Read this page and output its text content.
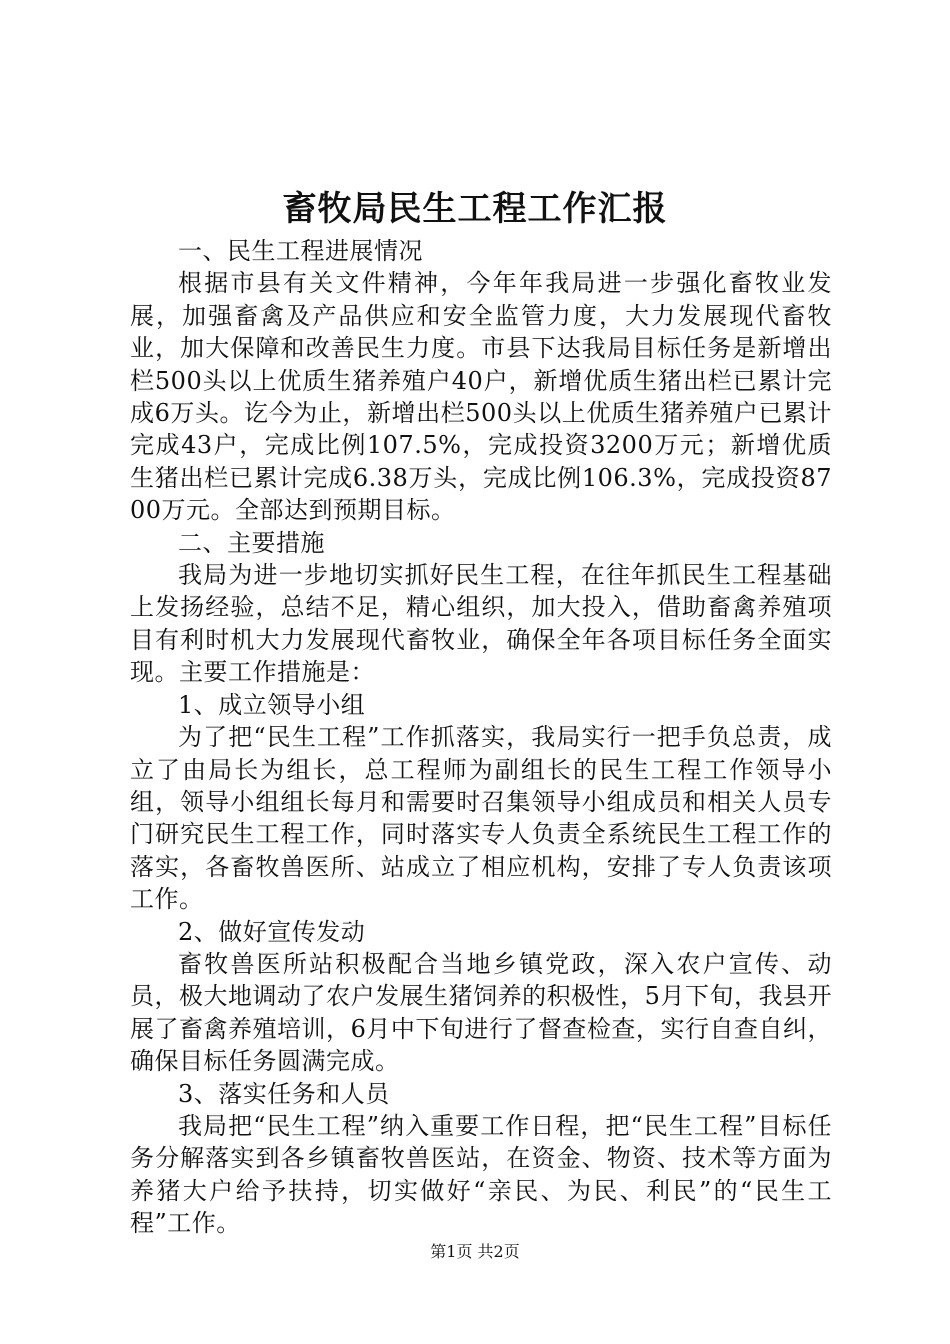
畜牧局民生工程工作汇报

一、民生工程进展情况

根据市县有关文件精神，今年年我局进一步强化畜牧业发展，加强畜禽及产品供应和安全监管力度，大力发展现代畜牧业，加大保障和改善民生力度。市县下达我局目标任务是新增出栏500头以上优质生猪养殖户40户，新增优质生猪出栏已累计完成6万头。讫今为止，新增出栏500头以上优质生猪养殖户已累计完成43户，完成比例107.5%，完成投资3200万元；新增优质生猪出栏已累计完成6.38万头，完成比例106.3%，完成投资8700万元。全部达到预期目标。

二、主要措施

我局为进一步地切实抓好民生工程，在往年抓民生工程基础上发扬经验，总结不足，精心组织，加大投入，借助畜禽养殖项目有利时机大力发展现代畜牧业，确保全年各项目标任务全面实现。主要工作措施是：

1、成立领导小组

为了把“民生工程”工作抓落实，我局实行一把手负总责，成立了由局长为组长，总工程师为副组长的民生工程工作领导小组，领导小组组长每月和需要时召集领导小组成员和相关人员专门研究民生工程工作，同时落实专人负责全系统民生工程工作的落实，各畜牧兽医所、站成立了相应机构，安排了专人负责该项工作。

2、做好宣传发动

畜牧兽医所站积极配合当地乡镇党政，深入农户宣传、动员，极大地调动了农户发展生猪饲养的积极性，5月下旬，我县开展了畜禽养殖培训，6月中下旬进行了督查检查，实行自查自纠，确保目标任务圆满完成。

3、落实任务和人员

我局把“民生工程”纳入重要工作日程，把“民生工程”目标任务分解落实到各乡镇畜牧兽医站，在资金、物资、技术等方面为养猪大户给予扶持，切实做好“亲民、为民、利民”的“民生工程”工作。

第1页 共2页
